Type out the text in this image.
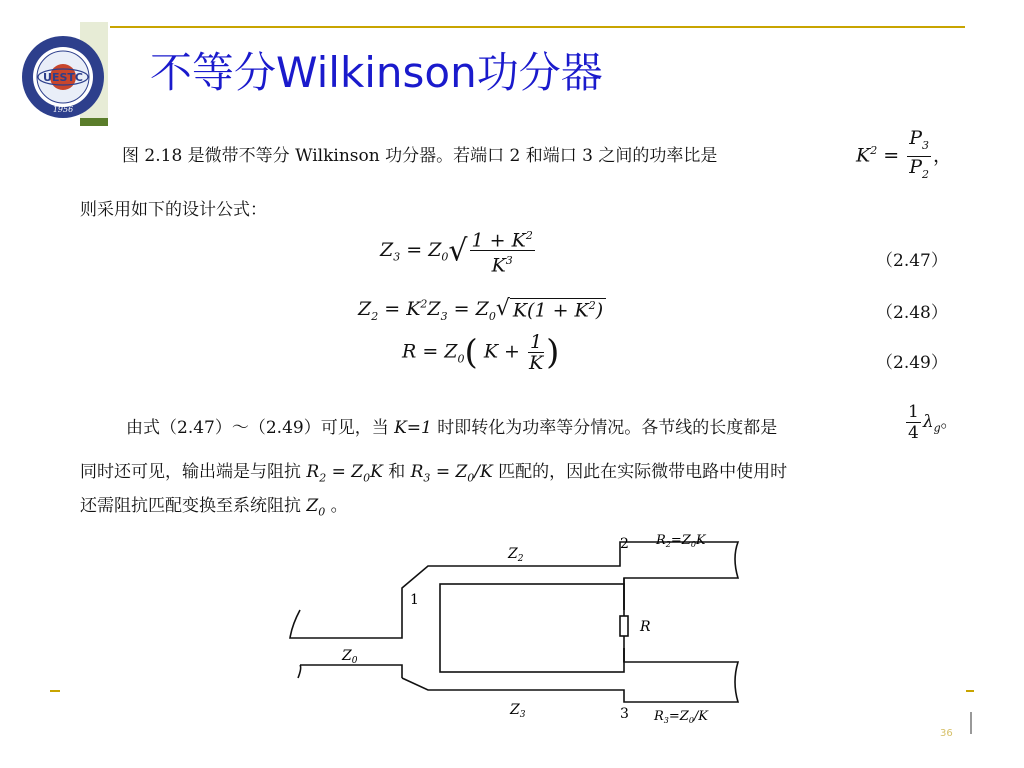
UESTC
1956
不等分Wilkinson功分器
图 2.18 是微带不等分 Wilkinson 功分器。若端口 2 和端口 3 之间的功率比是	$K^2 = \frac{P_3}{P_2}$ ，
则采用如下的设计公式：
$Z_3 = Z_0√ \frac{1 + K^2}{K^3}$	（2.47）
$Z_2 = K^2Z_3 = Z_0√$ $K(1 + K^2)$	（2.48）
$R = Z_0$( $K + \frac{1}{K}$ )	（2.49）
由式（2.47）～（2.49）可见，当 K=1 时即转化为功率等分情况。各节线的长度都是	$\frac{1}{4} \lambda_g$。
同时还可见，输出端是与阻抗 $R_2 = Z_0K$ 和 $R_3 = Z_0/K$ 匹配的，因此在实际微带电路中使用时
还需阻抗匹配变换至系统阻抗 $Z_0$ 。
1
2
3
$Z_2$
$Z_3$
$Z_0$
R
$R_2=Z_0K$
$R_3=Z_0/K$
36
